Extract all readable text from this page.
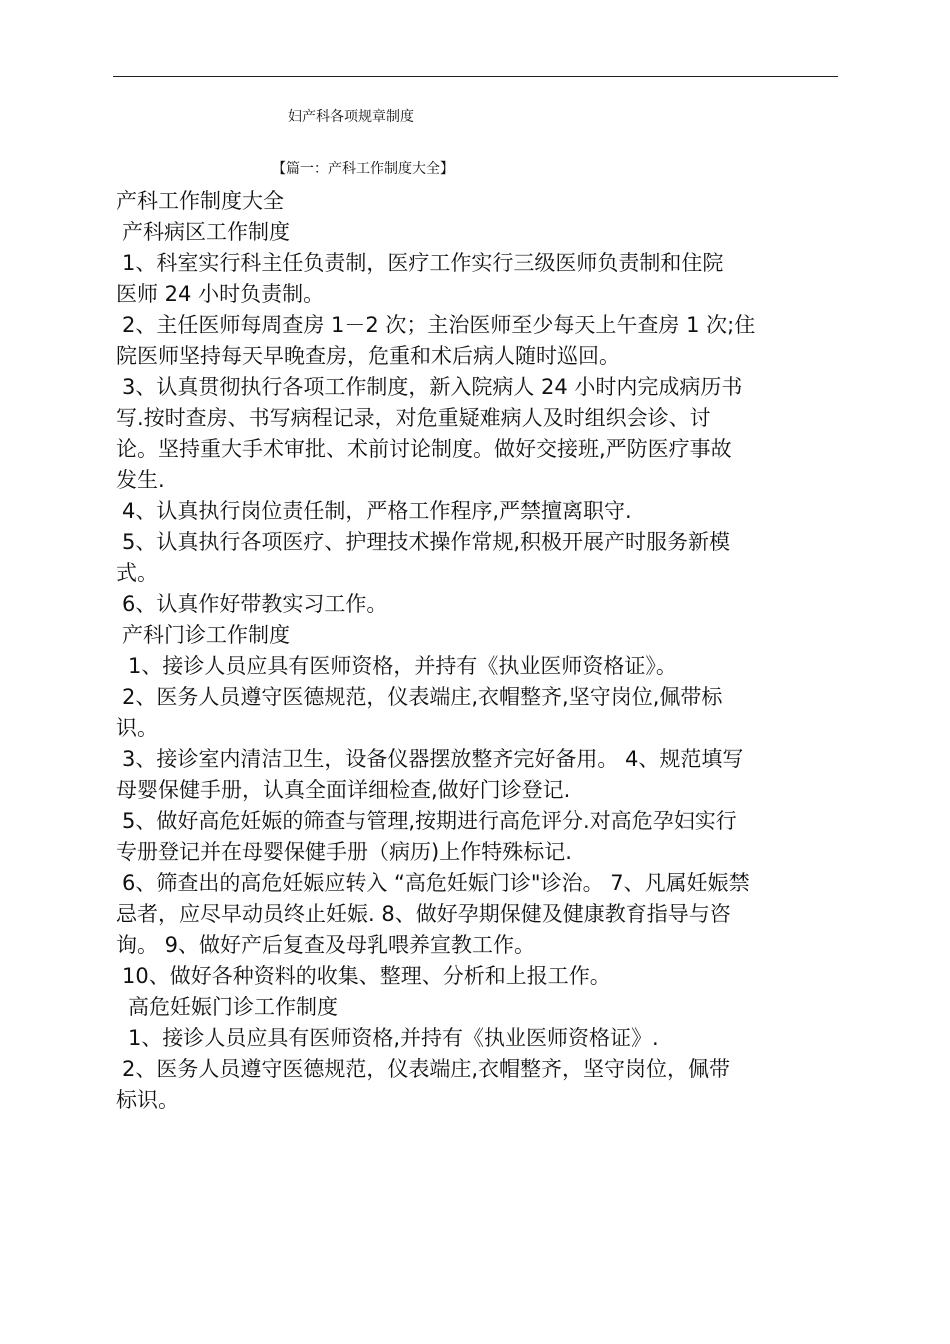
妇产科各项规章制度
【篇一：产科工作制度大全】
产科工作制度大全
产科病区工作制度
1、科室实行科主任负责制，医疗工作实行三级医师负责制和住院
医师 24 小时负责制。
2、主任医师每周查房 1－2 次；主治医师至少每天上午查房 1 次;住
院医师坚持每天早晚查房，危重和术后病人随时巡回。
3、认真贯彻执行各项工作制度，新入院病人 24 小时内完成病历书
写.按时查房、书写病程记录，对危重疑难病人及时组织会诊、讨
论。坚持重大手术审批、术前讨论制度。做好交接班,严防医疗事故
发生.
4、认真执行岗位责任制，严格工作程序,严禁擅离职守.
5、认真执行各项医疗、护理技术操作常规,积极开展产时服务新模
式。
6、认真作好带教实习工作。
产科门诊工作制度
1、接诊人员应具有医师资格，并持有《执业医师资格证》。
2、医务人员遵守医德规范，仪表端庄,衣帽整齐,坚守岗位,佩带标
识。
3、接诊室内清洁卫生，设备仪器摆放整齐完好备用。 4、规范填写
母婴保健手册，认真全面详细检查,做好门诊登记.
5、做好高危妊娠的筛查与管理,按期进行高危评分.对高危孕妇实行
专册登记并在母婴保健手册（病历)上作特殊标记.
6、筛查出的高危妊娠应转入 “高危妊娠门诊"诊治。 7、凡属妊娠禁
忌者，应尽早动员终止妊娠. 8、做好孕期保健及健康教育指导与咨
询。 9、做好产后复查及母乳喂养宣教工作。
10、做好各种资料的收集、整理、分析和上报工作。
高危妊娠门诊工作制度
1、接诊人员应具有医师资格,并持有《执业医师资格证》.
2、医务人员遵守医德规范，仪表端庄,衣帽整齐，坚守岗位，佩带
标识。
